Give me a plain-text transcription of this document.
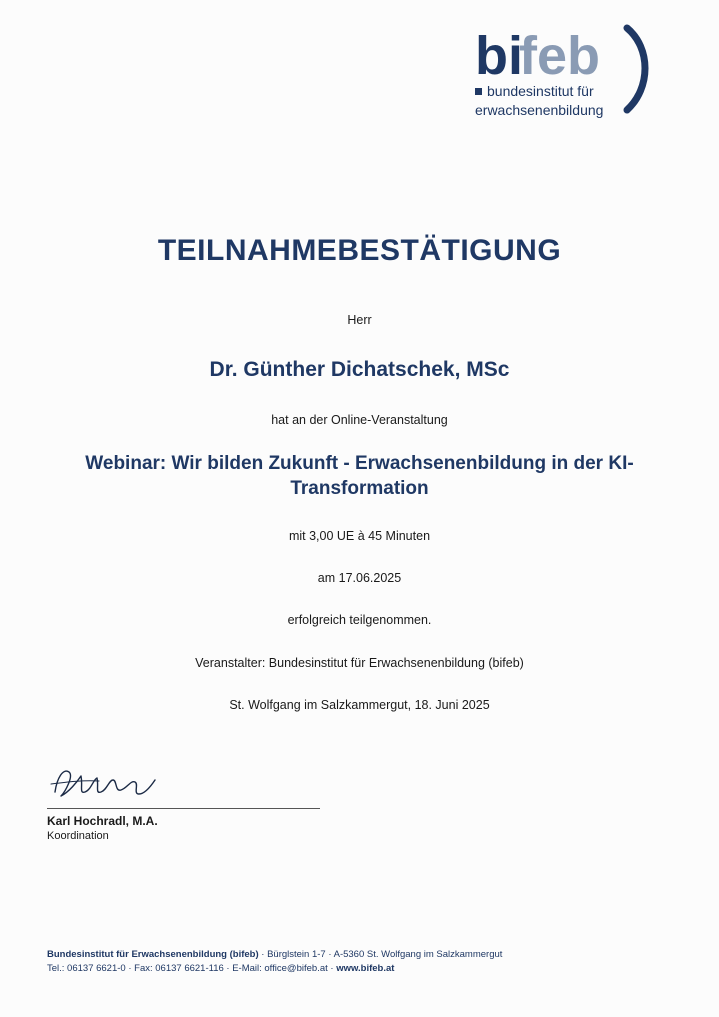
bi
feb
bundesinstitut für
erwachsenenbildung
TEILNAHMEBESTÄTIGUNG
Herr
Dr. Günther Dichatschek, MSc
hat an der Online-Veranstaltung
Webinar: Wir bilden Zukunft - Erwachsenenbildung in der KI-Transformation
mit 3,00 UE à 45 Minuten
am 17.06.2025
erfolgreich teilgenommen.
Veranstalter: Bundesinstitut für Erwachsenenbildung (bifeb)
St. Wolfgang im Salzkammergut, 18. Juni 2025
Karl Hochradl, M.A.
Koordination
Bundesinstitut für Erwachsenenbildung (bifeb) · Bürglstein 1-7 · A-5360 St. Wolfgang im Salzkammergut
Tel.: 06137 6621-0 · Fax: 06137 6621-116 · E-Mail: office@bifeb.at · www.bifeb.at
